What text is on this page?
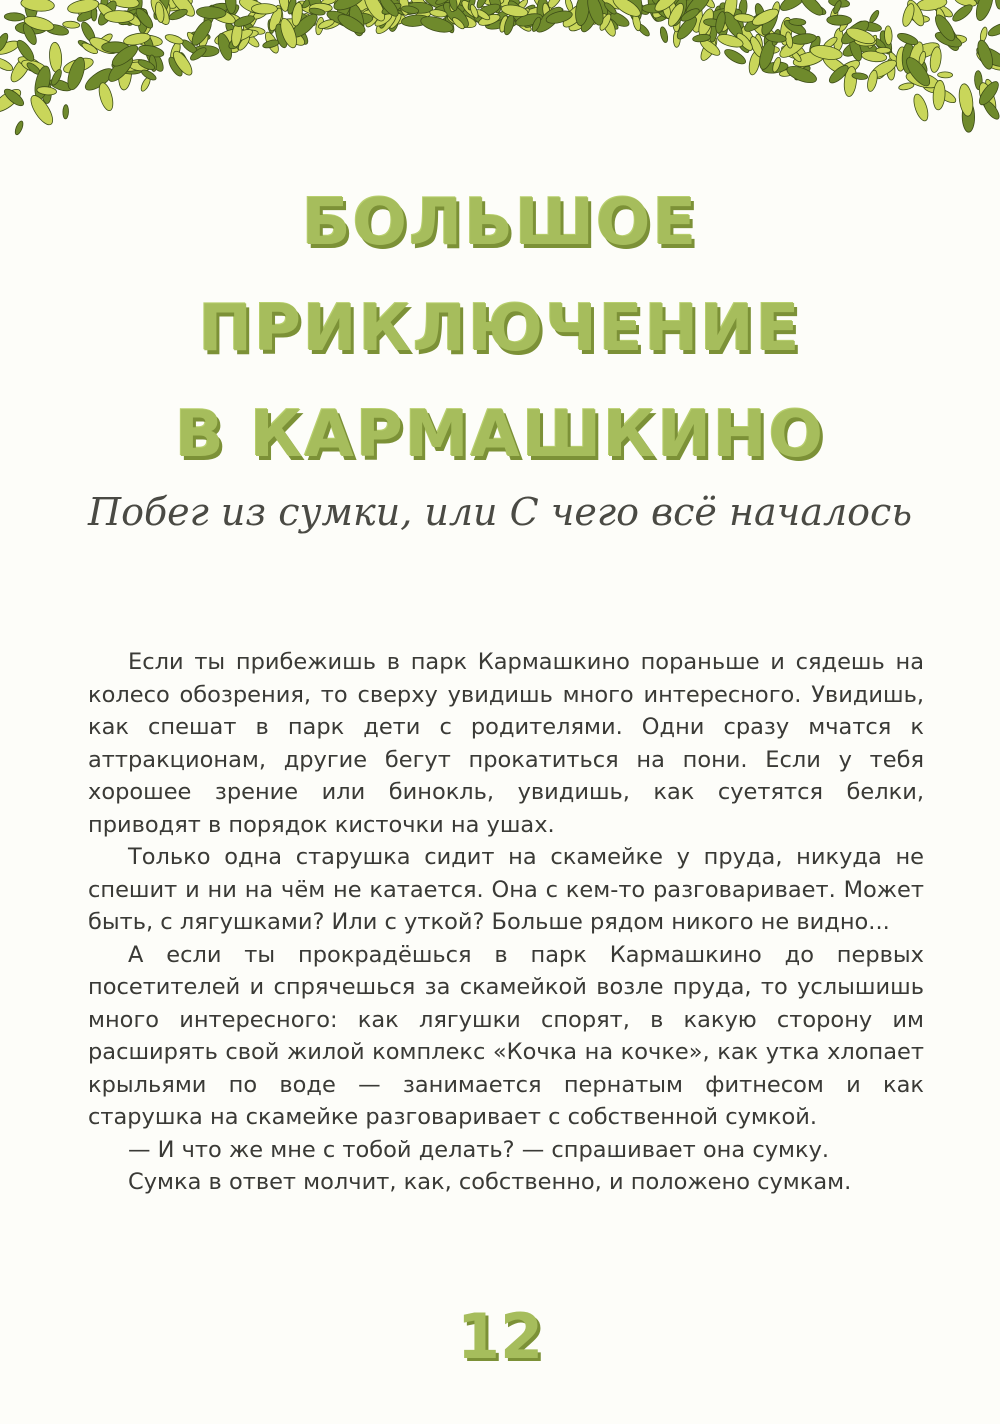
БОЛЬШОЕ
ПРИКЛЮЧЕНИЕ
В КАРМАШКИНО
Побег из сумки, или С чего всё началось

Если ты прибежишь в парк Кармашкино пораньше и сядешь на колесо обозрения, то сверху увидишь много интересного. Увидишь, как спешат в парк дети с родителями. Одни сразу мчатся к аттракционам, другие бегут прокатиться на пони. Если у тебя хорошее зрение или бинокль, увидишь, как суетятся белки, приводят в порядок кисточки на ушах.

Только одна старушка сидит на скамейке у пруда, никуда не спешит и ни на чём не катается. Она с кем-то разговаривает. Может быть, с лягушками? Или с уткой? Больше рядом никого не видно...

А если ты прокрадёшься в парк Кармашкино до первых посетителей и спрячешься за скамейкой возле пруда, то услышишь много интересного: как лягушки спорят, в какую сторону им расширять свой жилой комплекс «Кочка на кочке», как утка хлопает крыльями по воде — занимается пернатым фитнесом и как старушка на скамейке разговаривает с собственной сумкой.

— И что же мне с тобой делать? — спрашивает она сумку.

Сумка в ответ молчит, как, собственно, и положено сумкам.

12
